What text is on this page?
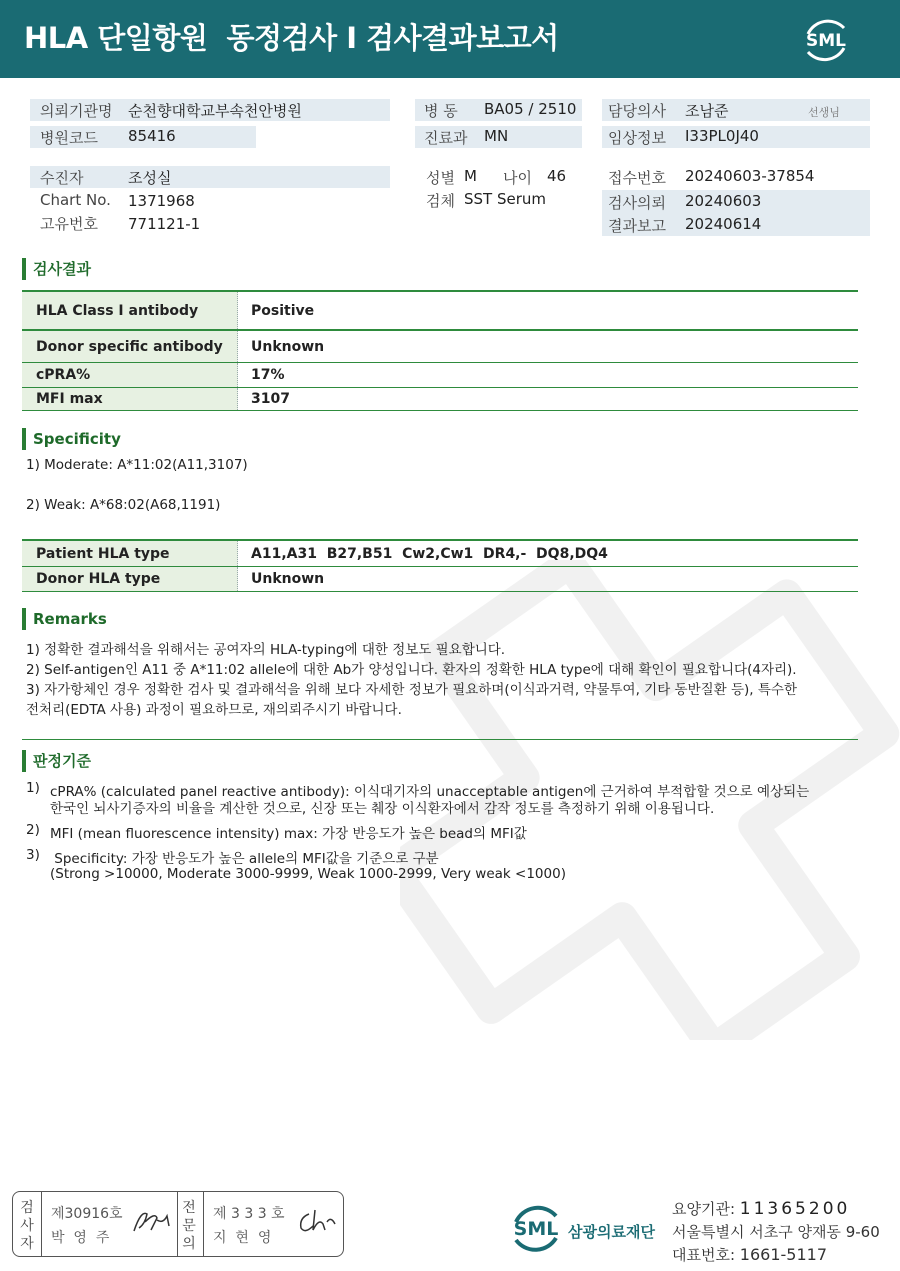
HLA 단일항원  동정검사 I 검사결과보고서	SML
의뢰기관명 순천향대학교부속천안병원
병원코드 85416
병 동 BA05 / 2510
진료과 MN
담당의사 조남준	선생님
임상정보 I33PL0J40
수진자	조성실
Chart No. 1371968
고유번호 771121-1
성별 M 나이 46
검체 SST Serum
접수번호 20240603-37854
검사의뢰 20240603
결과보고 20240614
검사결과
HLA Class I antibody	Positive
Donor specific antibody	Unknown
cPRA%	17%
MFI max	3107
Specificity
1) Moderate: A*11:02(A11,3107)
2) Weak: A*68:02(A68,1191)
Patient HLA type	A11,A31  B27,B51  Cw2,Cw1  DR4,-  DQ8,DQ4
Donor HLA type	Unknown
Remarks
1) 정확한 결과해석을 위해서는 공여자의 HLA-typing에 대한 정보도 필요합니다.
2) Self-antigen인 A11 중 A*11:02 allele에 대한 Ab가 양성입니다. 환자의 정확한 HLA type에 대해 확인이 필요합니다(4자리).
3) 자가항체인 경우 정확한 검사 및 결과해석을 위해 보다 자세한 정보가 필요하며(이식과거력, 약물투여, 기타 동반질환 등), 특수한
전처리(EDTA 사용) 과정이 필요하므로, 재의뢰주시기 바랍니다.
판정기준
1) cPRA% (calculated panel reactive antibody): 이식대기자의 unacceptable antigen에 근거하여 부적합할 것으로 예상되는
한국인 뇌사기증자의 비율을 계산한 것으로, 신장 또는 췌장 이식환자에서 감작 정도를 측정하기 위해 이용됩니다.
2) MFI (mean fluorescence intensity) max: 가장 반응도가 높은 bead의 MFI값
3) Specificity: 가장 반응도가 높은 allele의 MFI값을 기준으로 구분
(Strong >10000, Moderate 3000-9999, Weak 1000-2999, Very weak <1000)
검
사
자
제30916호
박  영  주
전
문
의
제 3 3 3 호
지  현  영	SML 삼광의료재단
요양기관: 11365200
서울특별시 서초구 양재동 9-60
대표번호: 1661-5117
